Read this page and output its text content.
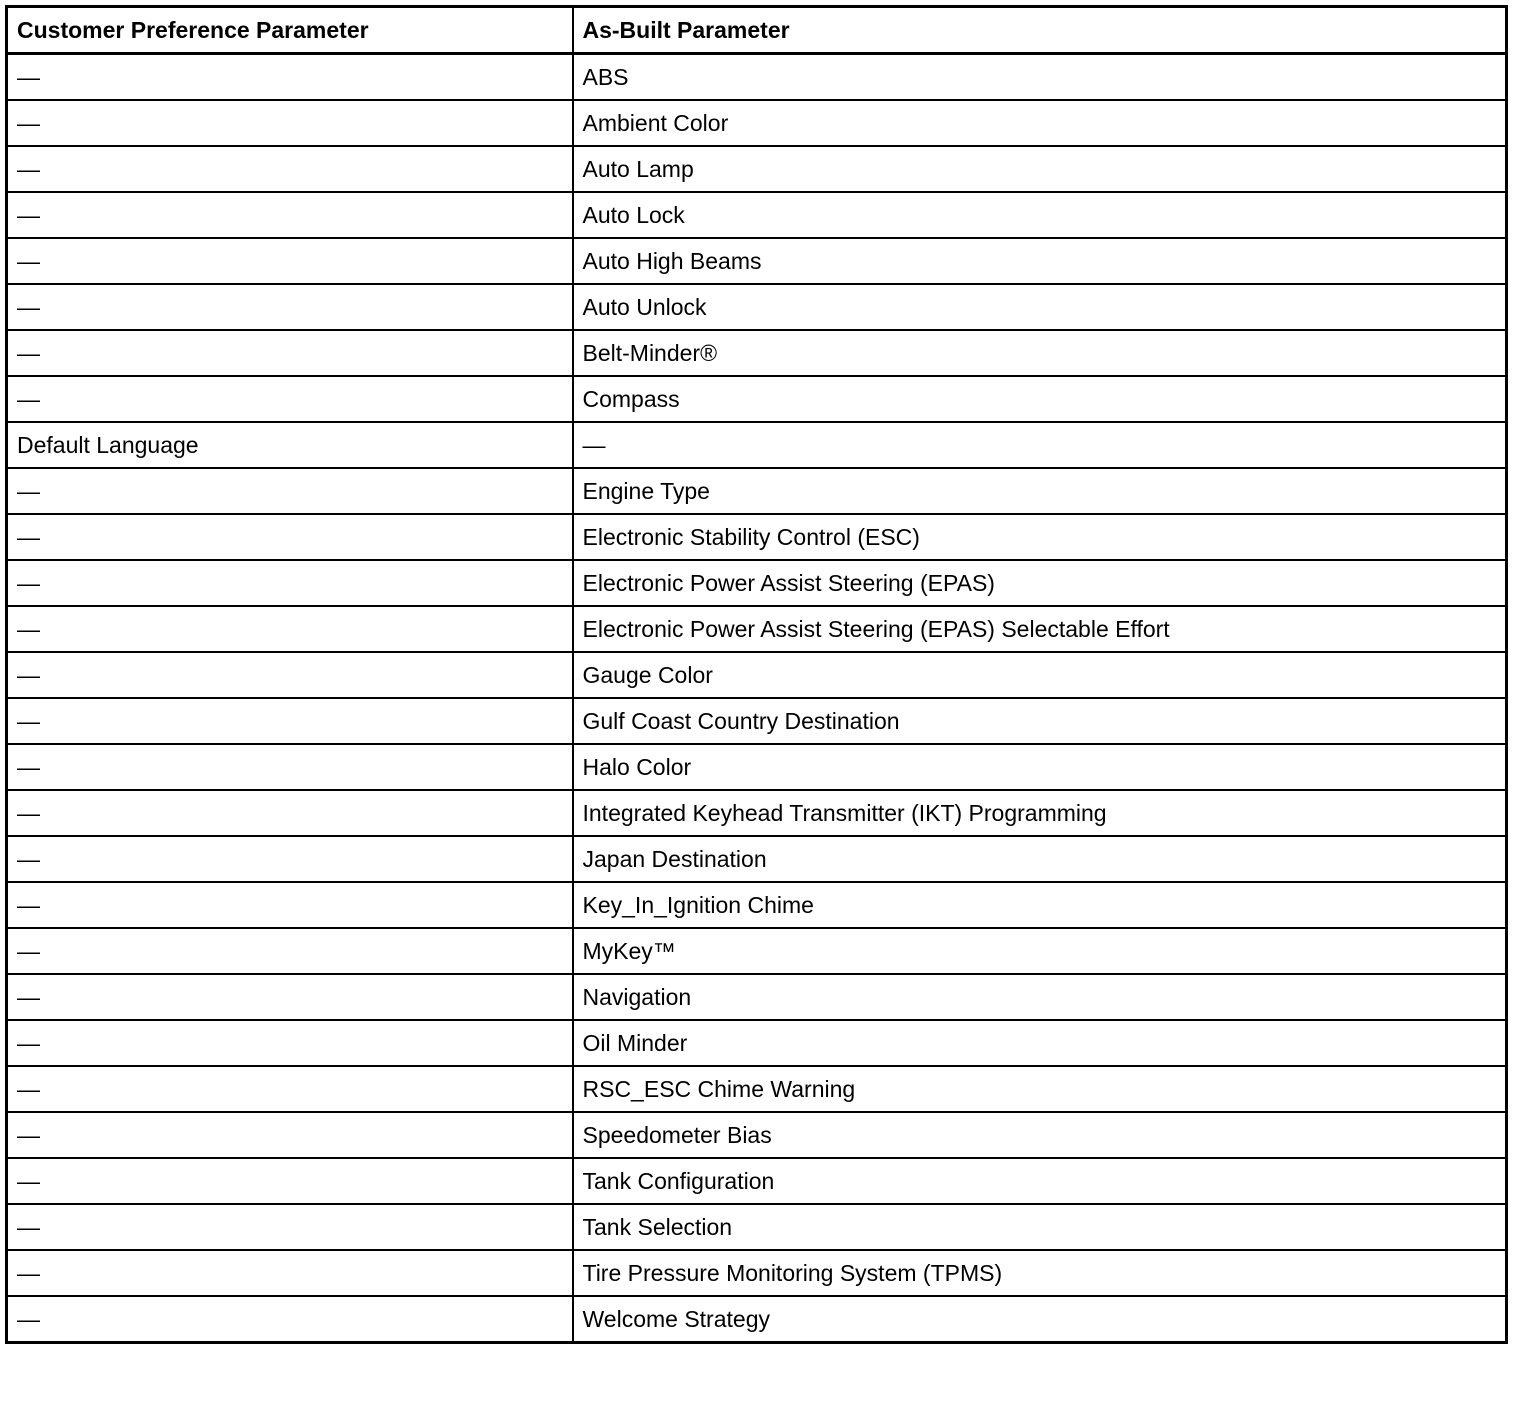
Customer Preference Parameter	As-Built Parameter
—	ABS
—	Ambient Color
—	Auto Lamp
—	Auto Lock
—	Auto High Beams
—	Auto Unlock
—	Belt-Minder®
—	Compass
Default Language	—
—	Engine Type
—	Electronic Stability Control (ESC)
—	Electronic Power Assist Steering (EPAS)
—	Electronic Power Assist Steering (EPAS) Selectable Effort
—	Gauge Color
—	Gulf Coast Country Destination
—	Halo Color
—	Integrated Keyhead Transmitter (IKT) Programming
—	Japan Destination
—	Key_In_Ignition Chime
—	MyKey™
—	Navigation
—	Oil Minder
—	RSC_ESC Chime Warning
—	Speedometer Bias
—	Tank Configuration
—	Tank Selection
—	Tire Pressure Monitoring System (TPMS)
—	Welcome Strategy
